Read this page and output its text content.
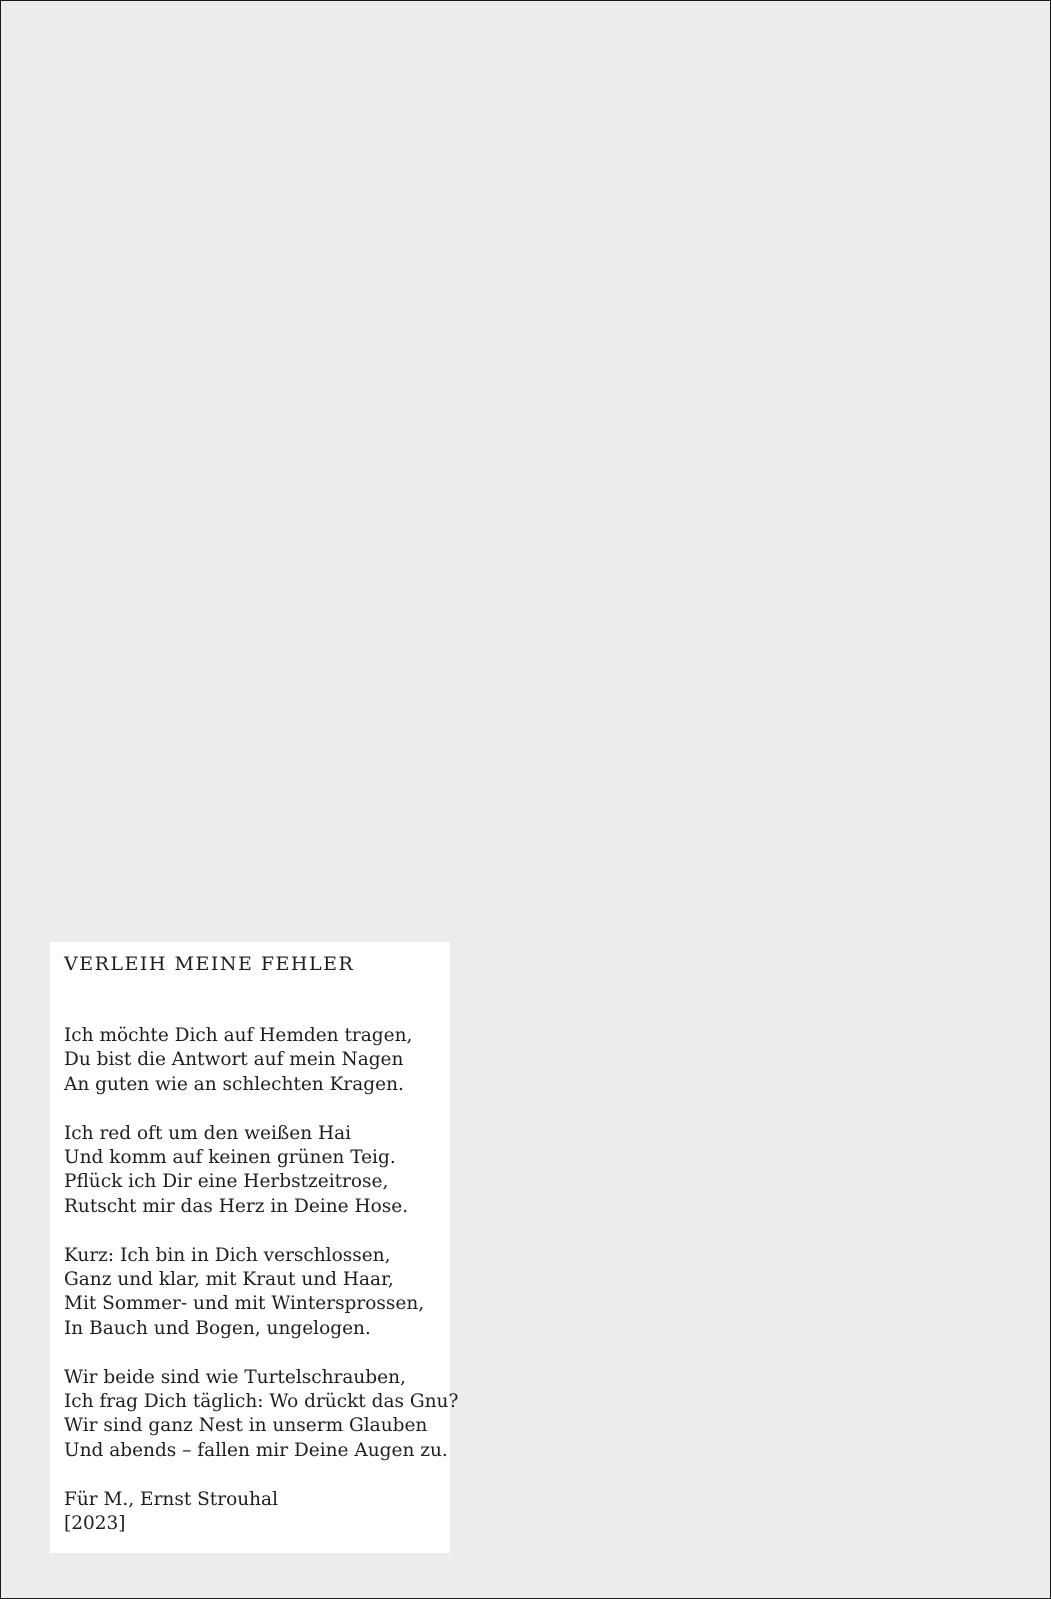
VERLEIH MEINE FEHLER
Ich möchte Dich auf Hemden tragen,
Du bist die Antwort auf mein Nagen
An guten wie an schlechten Kragen.
Ich red oft um den weißen Hai
Und komm auf keinen grünen Teig.
Pflück ich Dir eine Herbstzeitrose,
Rutscht mir das Herz in Deine Hose.
Kurz: Ich bin in Dich verschlossen,
Ganz und klar, mit Kraut und Haar,
Mit Sommer- und mit Wintersprossen,
In Bauch und Bogen, ungelogen.
Wir beide sind wie Turtelschrauben,
Ich frag Dich täglich: Wo drückt das Gnu?
Wir sind ganz Nest in unserm Glauben
Und abends – fallen mir Deine Augen zu.
Für M., Ernst Strouhal
[2023]
